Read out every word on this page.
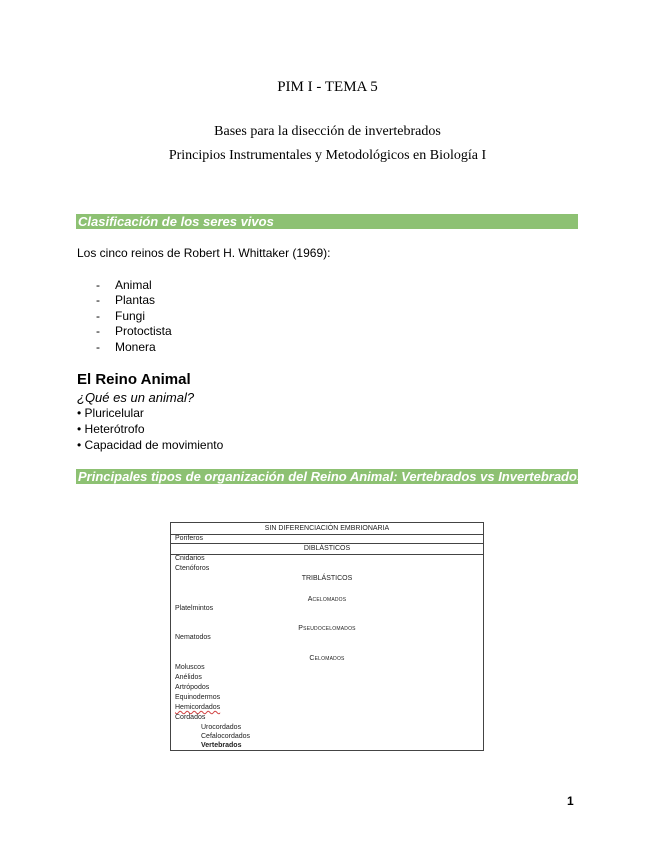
PIM I - TEMA 5
Bases para la disección de invertebrados
Principios Instrumentales y Metodológicos en Biología I
Clasificación de los seres vivos
Los cinco reinos de Robert H. Whittaker (1969):
- Animal
- Plantas
- Fungi
- Protoctista
- Monera
El Reino Animal
¿Qué es un animal?
• Pluricelular
• Heterótrofo
• Capacidad de movimiento
Principales tipos de organización del Reino Animal: Vertebrados vs Invertebrados
SIN DIFERENCIACIÓN EMBRIONARIA
Poriferos
DIBLÁSTICOS
Cnidarios
Ctenóforos
TRIBLÁSTICOS
Acelomados
Platelmintos
Pseudocelomados
Nematodos
Celomados
Moluscos
Anélidos
Artrópodos
Equinodermos
Hemicordados
Cordados
Urocordados
Cefalocordados
Vertebrados
1
